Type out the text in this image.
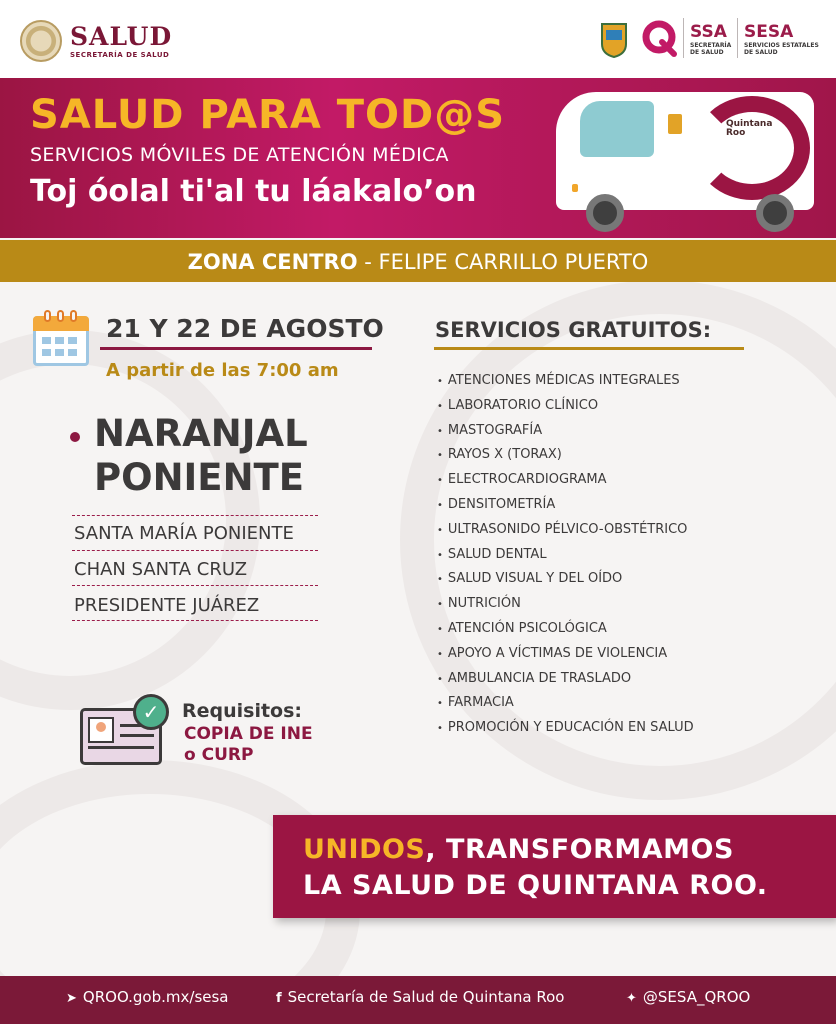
SALUD
SECRETARÍA DE SALUD
SSA
SECRETARÍA
DE SALUD
SESA
SERVICIOS ESTATALES
DE SALUD
SALUD PARA TOD@S
SERVICIOS MÓVILES DE ATENCIÓN MÉDICA
Toj óolal ti'al tu láakalo’on
Quintana
Roo
ZONA CENTRO - FELIPE CARRILLO PUERTO
21 Y 22 DE AGOSTO
A partir de las 7:00 am
NARANJAL
PONIENTE
SANTA MARÍA PONIENTE
CHAN SANTA CRUZ
PRESIDENTE JUÁREZ
✓	Requisitos:
COPIA DE INE
o CURP
SERVICIOS GRATUITOS:
• ATENCIONES MÉDICAS INTEGRALES
• LABORATORIO CLÍNICO
• MASTOGRAFÍA
• RAYOS X (TORAX)
• ELECTROCARDIOGRAMA
• DENSITOMETRÍA
• ULTRASONIDO PÉLVICO-OBSTÉTRICO
• SALUD DENTAL
• SALUD VISUAL Y DEL OÍDO
• NUTRICIÓN
• ATENCIÓN PSICOLÓGICA
• APOYO A VÍCTIMAS DE VIOLENCIA
• AMBULANCIA DE TRASLADO
• FARMACIA
• PROMOCIÓN Y EDUCACIÓN EN SALUD
UNIDOS, TRANSFORMAMOS
LA SALUD DE QUINTANA ROO.
➤ QROO.gob.mx/sesa	f Secretaría de Salud de Quintana Roo	✦ @SESA_QROO
